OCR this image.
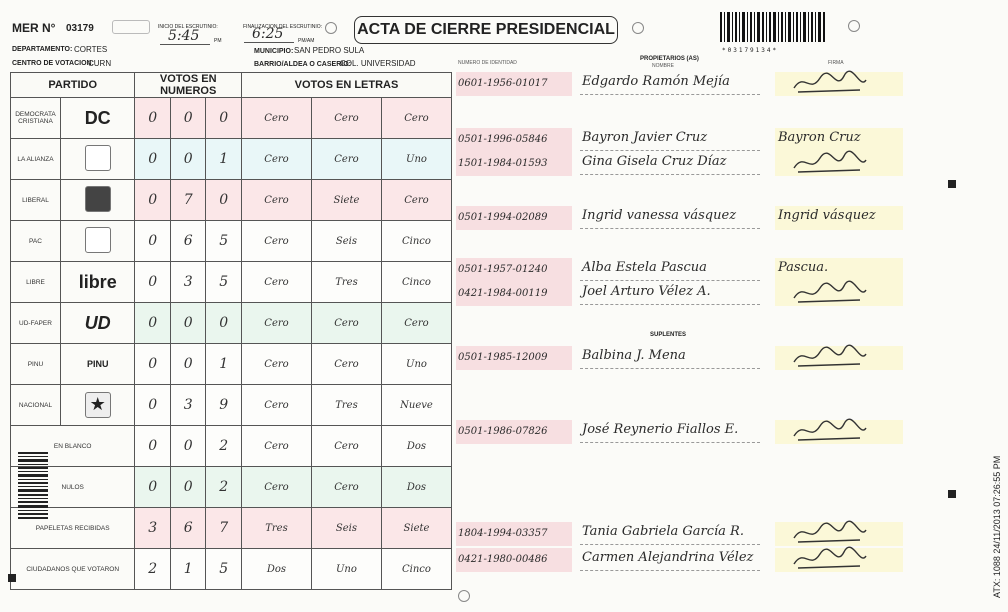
MER N° 03179	INICIO DEL ESCRUTINIO:
5:45	PM
FINALIZACION DEL ESCRUTINIO:
6:25	PM/AM
ACTA DE CIERRE PRESIDENCIAL
*03179134*
DEPARTAMENTO: CORTES
CENTRO DE VOTACION:
CURN
MUNICIPIO: SAN PEDRO SULA
BARRIO/ALDEA O CASERIO:
COL. UNIVERSIDAD
PARTIDO		VOTOS EN NUMEROS			VOTOS EN LETRAS		
DEMOCRATA CRISTIANA	DC	0	0	0	Cero	Cero	Cero
LA ALIANZA		0	0	1	Cero	Cero	Uno
LIBERAL		0	7	0	Cero	Siete	Cero
PAC		0	6	5	Cero	Seis	Cinco
LIBRE	libre	0	3	5	Cero	Tres	Cinco
UD-FAPER	UD	0	0	0	Cero	Cero	Cero
PINU	PINU	0	0	1	Cero	Cero	Uno
NACIONAL	★	0	3	9	Cero	Tres	Nueve
EN BLANCO		0	0	2	Cero	Cero	Dos
NULOS		0	0	2	Cero	Cero	Dos
PAPELETAS RECIBIDAS		3	6	7	Tres	Seis	Siete
CIUDADANOS QUE VOTARON		2	1	5	Dos	Uno	Cinco
NUMERO DE IDENTIDAD
PROPIETARIOS (AS)
NOMBRE	FIRMA
SUPLENTES
0601-1956-01017	Edgardo Ramón Mejía
0501-1996-05846	Bayron Javier Cruz	Bayron Cruz
1501-1984-01593	Gina Gisela Cruz Díaz
0501-1994-02089	Ingrid vanessa vásquez	Ingrid vásquez
0501-1957-01240	Alba Estela Pascua	Pascua.
0421-1984-00119	Joel Arturo Vélez A.
0501-1985-12009	Balbina J. Mena
0501-1986-07826	José Reynerio Fiallos E.
1804-1994-03357	Tania Gabriela García R.
0421-1980-00486	Carmen Alejandrina Vélez	ATX: 1088 24/11/2013 07:26:55 PM
